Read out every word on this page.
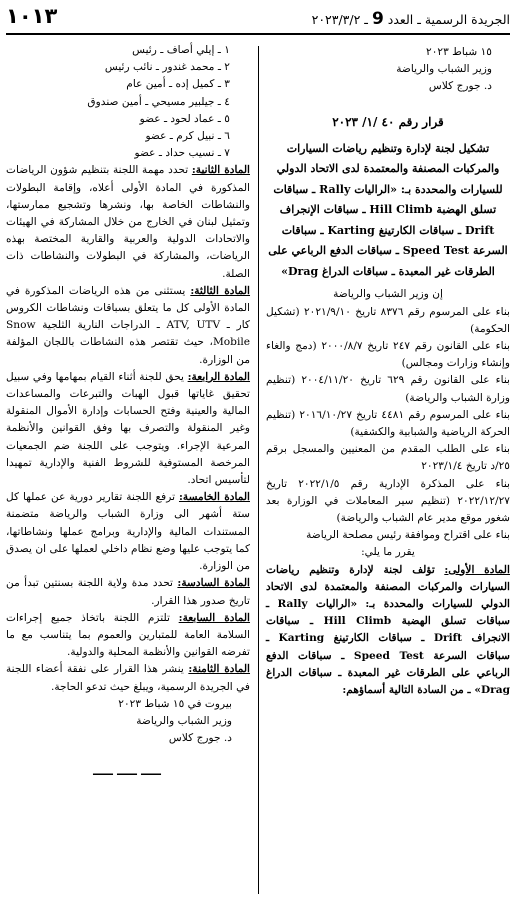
الجريدة الرسمية ـ العدد 9 ـ ٢٠٢٣/٣/٢
١٠١٣
١٥ شباط ٢٠٢٣
وزير الشباب والرياضة
د. جورج كلاس
قرار رقم ٤٠ /١/ ٢٠٢٣
تشكيل لجنة لإدارة وتنظيم رياضات السيارات والمركبات المصنفة والمعتمدة لدى الاتحاد الدولي للسيارات والمحددة بـ: «الراليات Rally ـ سباقات تسلق الهضبة Hill Climb ـ سباقات الإنجراف Drift ـ سباقات الكارتينغ Karting ـ سباقات السرعة Speed Test ـ سباقات الدفع الرباعي على الطرقات غير المعبدة ـ سباقات الدراغ Drag»

إن وزير الشباب والرياضة

بناء على المرسوم رقم ٨٣٧٦ تاريخ ٢٠٢١/٩/١٠ (تشكيل الحكومة)

بناء على القانون رقم ٢٤٧ تاريخ ٢٠٠٠/٨/٧ (دمج والغاء وإنشاء وزارات ومجالس)

بناء على القانون رقم ٦٢٩ تاريخ ٢٠٠٤/١١/٢٠ (تنظيم وزارة الشباب والرياضة)

بناء على المرسوم رقم ٤٤٨١ تاريخ ٢٠١٦/١٠/٢٧ (تنظيم الحركة الرياضية والشبابية والكشفية)

بناء على الطلب المقدم من المعنيين والمسجل برقم ٢٥/د تاريخ ٢٠٢٣/١/٤

بناء على المذكرة الإدارية رقم ٢٠٢٢/١/٥ تاريخ ٢٠٢٢/١٢/٢٧ (تنظيم سير المعاملات في الوزارة بعد شغور موقع مدير عام الشباب والرياضة)

بناء على اقتراح وموافقة رئيس مصلحة الرياضة

يقرر ما يلي:

المادة الأولى: تؤلف لجنة لإدارة وتنظيم رياضات السيارات والمركبات المصنفة والمعتمدة لدى الاتحاد الدولي للسيارات والمحددة بـ: «الراليات Rally ـ سباقات تسلق الهضبة Hill Climb ـ سباقات الانجراف Drift ـ سباقات الكارتينغ Karting ـ سباقات السرعة Speed Test ـ سباقات الدفع الرباعي على الطرقات غير المعبدة ـ سباقات الدراغ Drag» ـ من السادة التالية أسماؤهم:

١ ـ إيلي أصاف ـ رئيس
٢ ـ محمد غندور ـ نائب رئيس
٣ ـ كميل إده ـ أمين عام
٤ ـ جيلبير مسيحي ـ أمين صندوق
٥ ـ عماد لحود ـ عضو
٦ ـ نبيل كرم ـ عضو
٧ ـ نسيب حداد ـ عضو

المادة الثانية: تحدد مهمة اللجنة بتنظيم شؤون الرياضات المذكورة في المادة الأولى أعلاه، وإقامة البطولات والنشاطات الخاصة بها، ونشرها وتشجيع ممارستها، وتمثيل لبنان في الخارج من خلال المشاركة في الهيئات والاتحادات الدولية والعربية والقارية المختصة بهذه الرياضات، والمشاركة في البطولات والنشاطات ذات الصلة.

المادة الثالثة: يستثنى من هذه الرياضات المذكورة في المادة الأولى كل ما يتعلق بسباقات ونشاطات الكروس كار ـ ATV, UTV ـ الدراجات النارية الثلجية Snow Mobile، حيث تقتصر هذه النشاطات باللجان المؤلفة من الوزارة.

المادة الرابعة: يحق للجنة أثناء القيام بمهامها وفي سبيل تحقيق غاياتها قبول الهبات والتبرعات والمساعدات المالية والعينية وفتح الحسابات وإدارة الأموال المنقولة وغير المنقولة والتصرف بها وفق القوانين والأنظمة المرعية الإجراء. ويتوجب على اللجنة ضم الجمعيات المرخصة المستوفية للشروط الفنية والإدارية تمهيدا لتأسيس اتحاد.

المادة الخامسة: ترفع اللجنة تقارير دورية عن عملها كل ستة أشهر الى وزارة الشباب والرياضة متضمنة المستندات المالية والإدارية وبرامج عملها ونشاطاتها، كما يتوجب عليها وضع نظام داخلي لعملها على ان يصدق من الوزارة.

المادة السادسة: تحدد مدة ولاية اللجنة بسنتين تبدأ من تاريخ صدور هذا القرار.

المادة السابعة: تلتزم اللجنة باتخاذ جميع إجراءات السلامة العامة للمتبارين والعموم بما يتناسب مع ما تفرضه القوانين والأنظمة المحلية والدولية.

المادة الثامنة: ينشر هذا القرار على نفقة أعضاء اللجنة في الجريدة الرسمية، ويبلغ حيث تدعو الحاجة.

بيروت في ١٥ شباط ٢٠٢٣
وزير الشباب والرياضة
د. جورج كلاس
———
